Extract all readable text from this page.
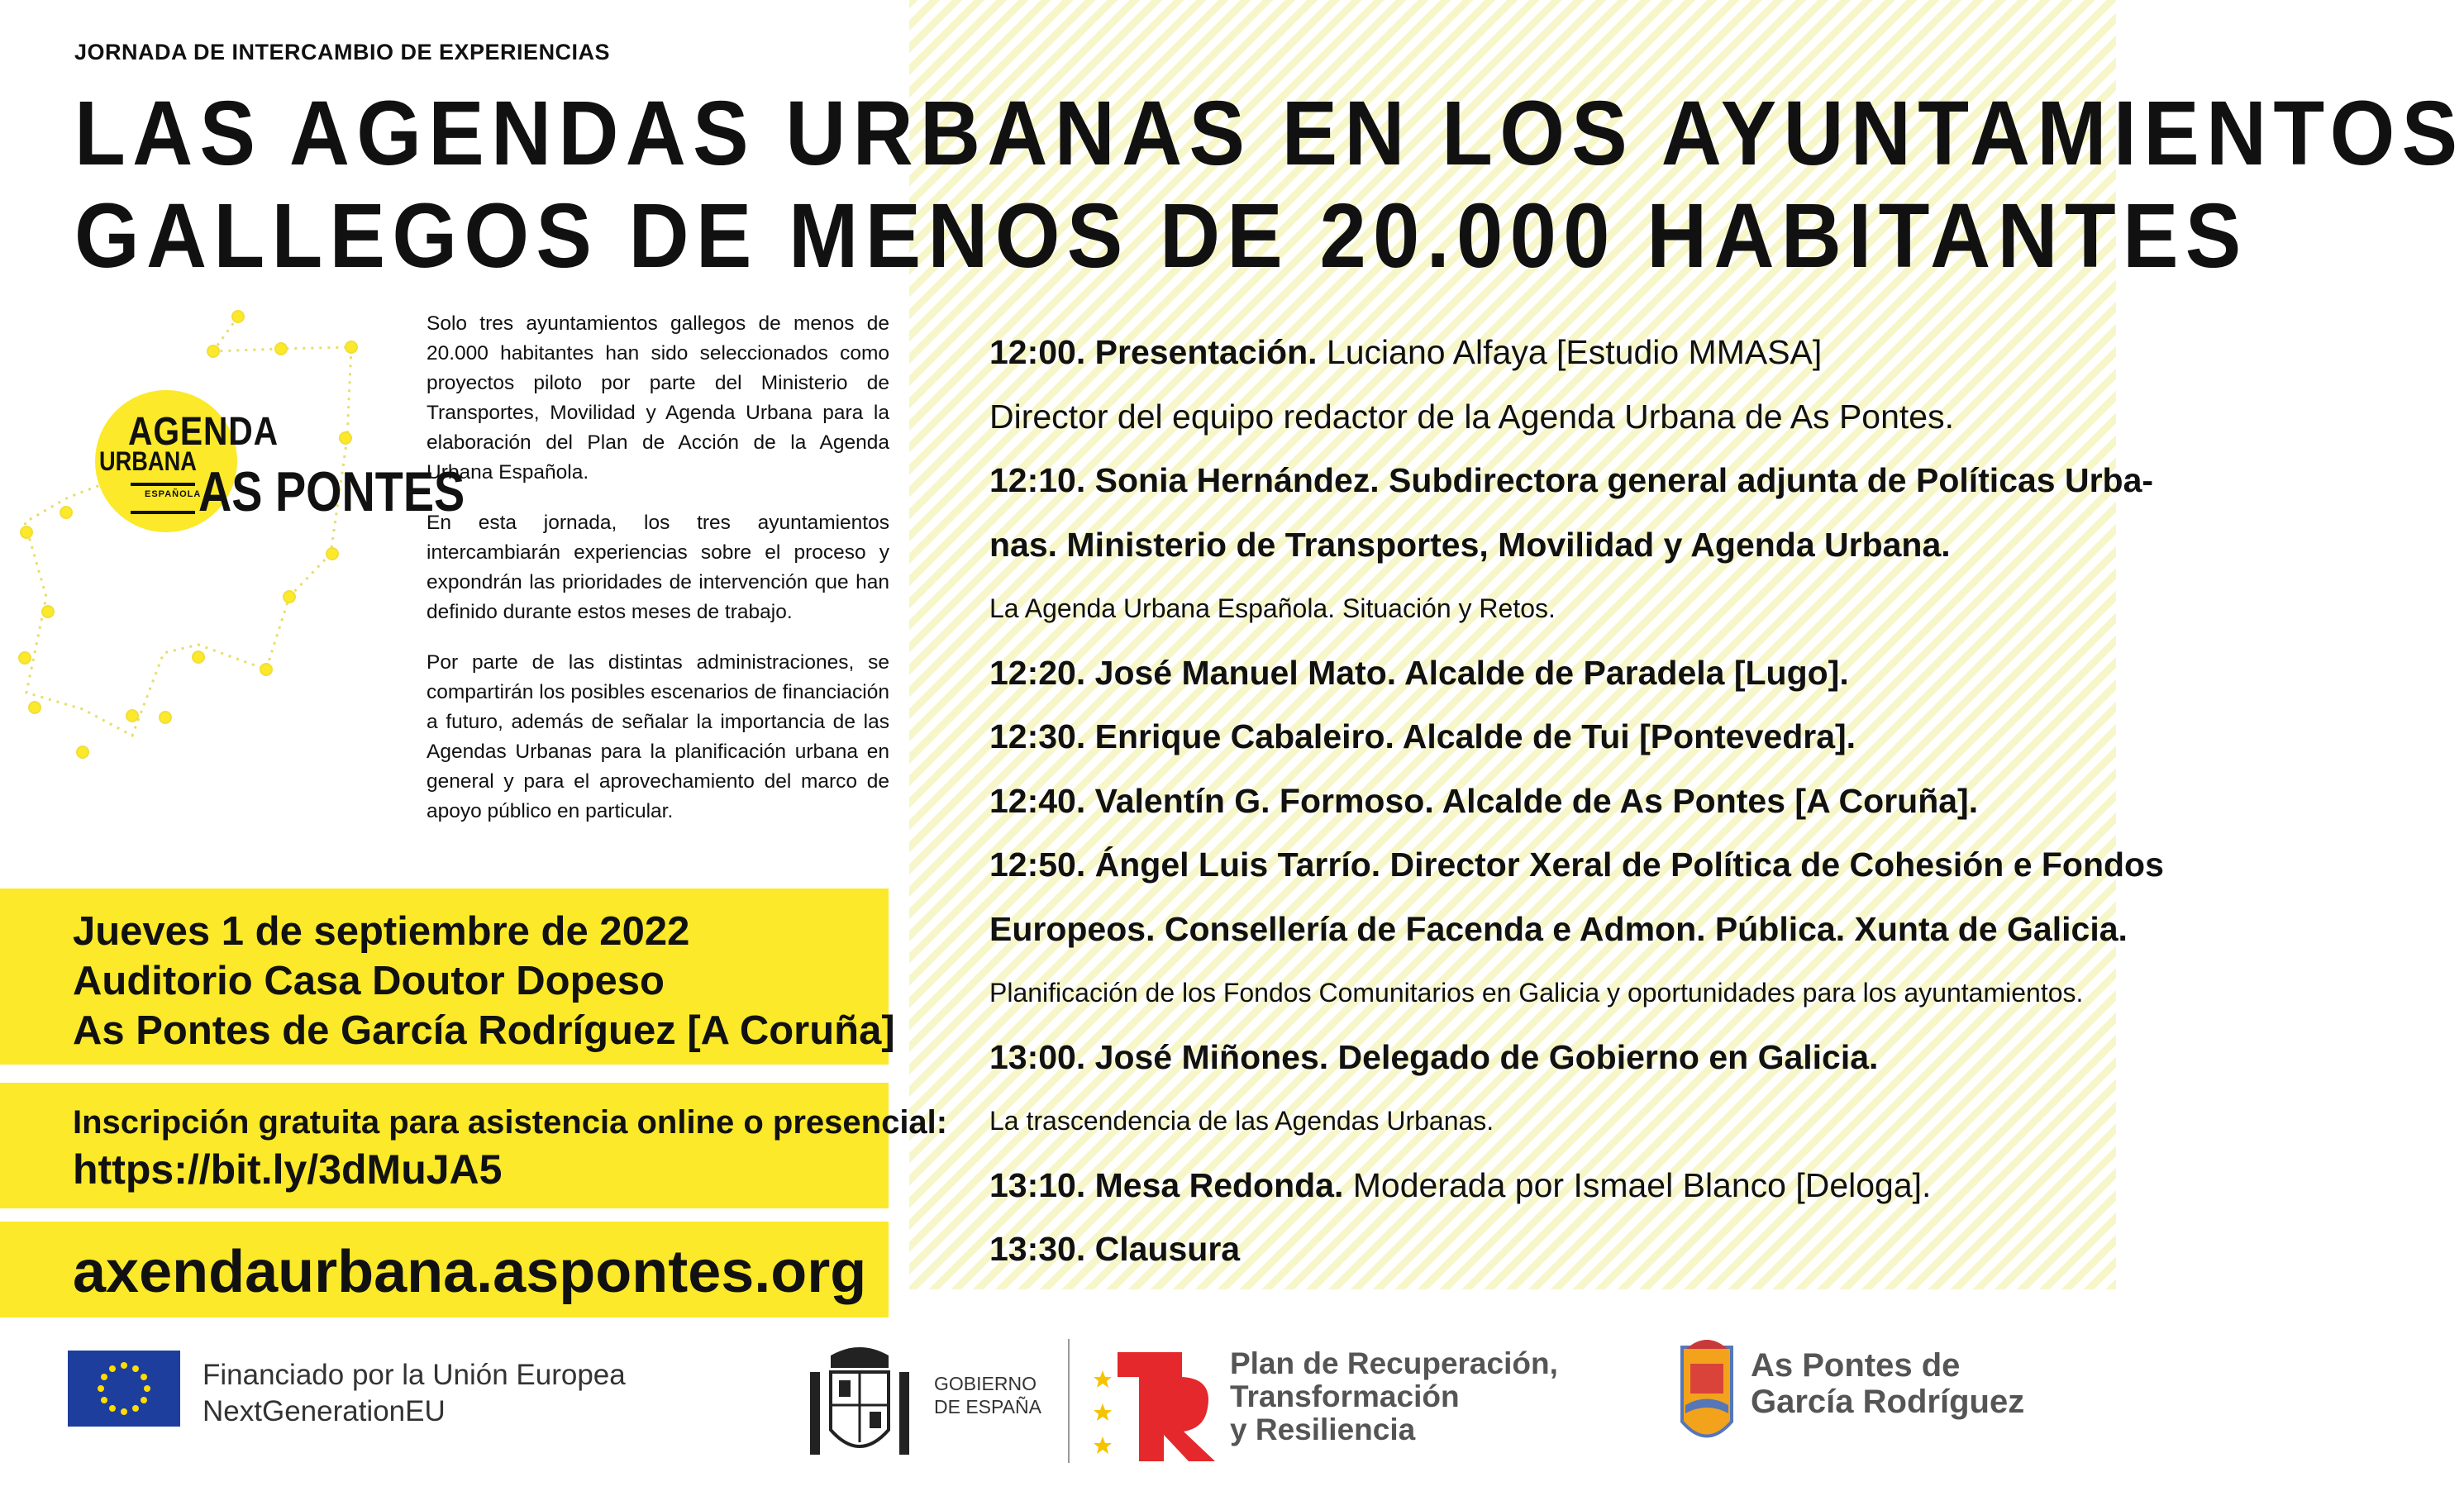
JORNADA DE INTERCAMBIO DE EXPERIENCIAS
LAS AGENDAS URBANAS EN LOS AYUNTAMIENTOS
GALLEGOS DE MENOS DE 20.000 HABITANTES
AGENDA
URBANA
ESPAÑOLA
AS PONTES

Solo tres ayuntamientos gallegos de menos de 20.000 habitantes han sido seleccionados como proyectos piloto por parte del Ministerio de Transportes, Movilidad y Agenda Urbana para la elaboración del Plan de Acción de la Agenda Urbana Española.

En esta jornada, los tres ayuntamientos intercambiarán experiencias sobre el proceso y expondrán las prioridades de intervención que han definido durante estos meses de trabajo.

Por parte de las distintas administraciones, se compartirán los posibles escenarios de financiación a futuro, además de señalar la importancia de las Agendas Urbanas para la planificación urbana en general y para el aprovechamiento del marco de apoyo público en particular.

Jueves 1 de septiembre de 2022
Auditorio Casa Doutor Dopeso
As Pontes de García Rodríguez [A Coruña]
Inscripción gratuita para asistencia online o presencial:
https://bit.ly/3dMuJA5
axendaurbana.aspontes.org
12:00. Presentación. Luciano Alfaya [Estudio MMASA]
Director del equipo redactor de la Agenda Urbana de As Pontes.
12:10. Sonia Hernández. Subdirectora general adjunta de Políticas Urba-
nas. Ministerio de Transportes, Movilidad y Agenda Urbana.
La Agenda Urbana Española. Situación y Retos.
12:20. José Manuel Mato. Alcalde de Paradela [Lugo].
12:30. Enrique Cabaleiro. Alcalde de Tui [Pontevedra].
12:40. Valentín G. Formoso. Alcalde de As Pontes [A Coruña].
12:50. Ángel Luis Tarrío. Director Xeral de Política de Cohesión e Fondos
Europeos. Consellería de Facenda e Admon. Pública. Xunta de Galicia.
Planificación de los Fondos Comunitarios en Galicia y oportunidades para los ayuntamientos.
13:00. José Miñones. Delegado de Gobierno en Galicia.
La trascendencia de las Agendas Urbanas.
13:10. Mesa Redonda. Moderada por Ismael Blanco [Deloga].
13:30. Clausura
Financiado por la Unión Europea
NextGenerationEU
GOBIERNO
DE ESPAÑA
Plan de Recuperación,
Transformación
y Resiliencia
As Pontes de
García Rodríguez
